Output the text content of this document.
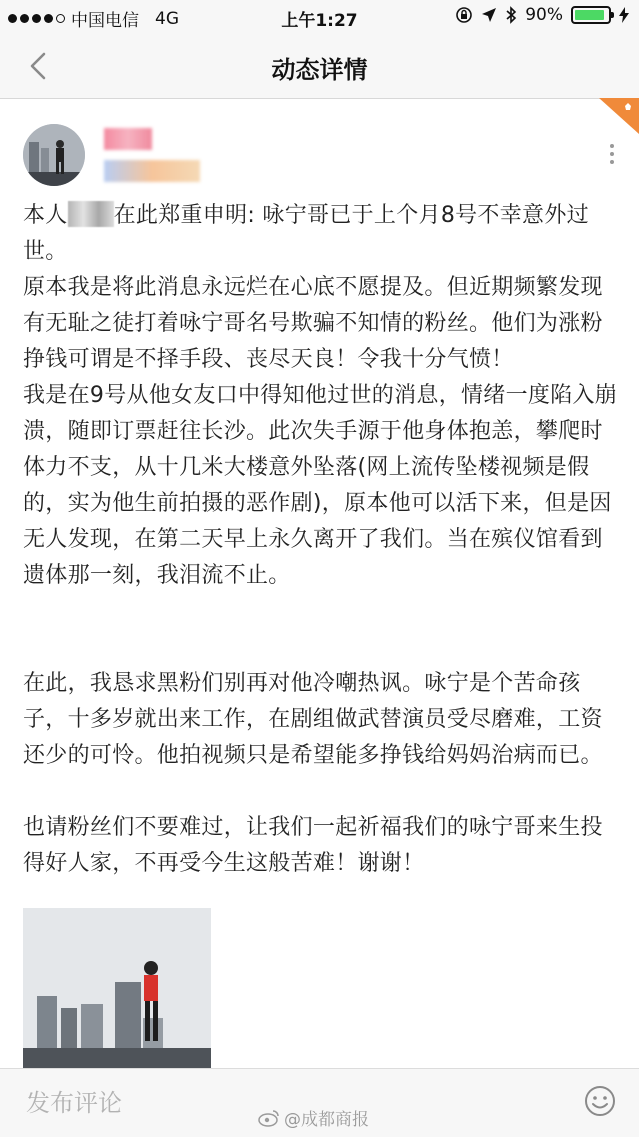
中国电信 4G	上午1:27	90%
动态详情

本人 在此郑重申明: 咏宁哥已于上个月8号不幸意外过世。

原本我是将此消息永远烂在心底不愿提及。但近期频繁发现有无耻之徒打着咏宁哥名号欺骗不知情的粉丝。他们为涨粉挣钱可谓是不择手段、丧尽天良！令我十分气愤！

我是在9号从他女友口中得知他过世的消息，情绪一度陷入崩溃，随即订票赶往长沙。此次失手源于他身体抱恙，攀爬时体力不支，从十几米大楼意外坠落(网上流传坠楼视频是假的，实为他生前拍摄的恶作剧)，原本他可以活下来，但是因无人发现，在第二天早上永久离开了我们。当在殡仪馆看到遗体那一刻，我泪流不止。

在此，我恳求黑粉们别再对他冷嘲热讽。咏宁是个苦命孩子，十多岁就出来工作，在剧组做武替演员受尽磨难，工资还少的可怜。他拍视频只是希望能多挣钱给妈妈治病而已。

也请粉丝们不要难过，让我们一起祈福我们的咏宁哥来生投得好人家，不再受今生这般苦难！谢谢！

发布评论
@成都商报
